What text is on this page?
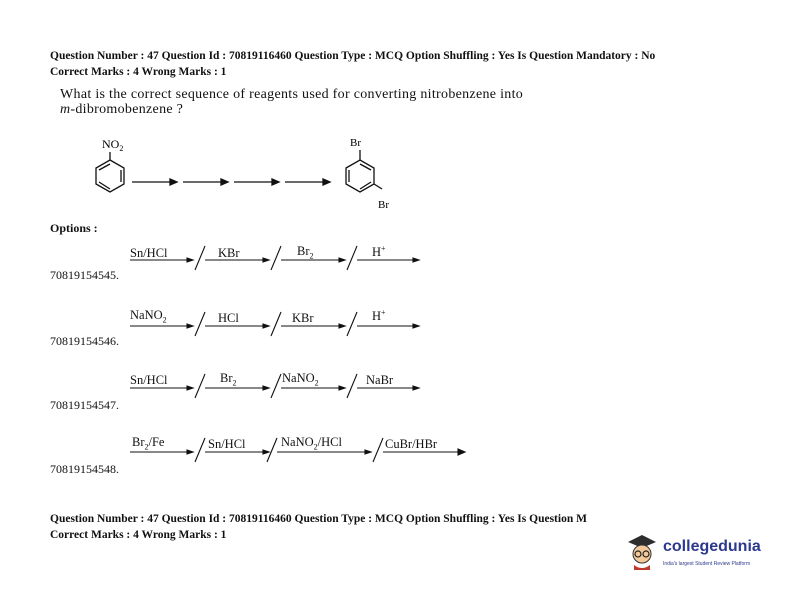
Question Number : 47 Question Id : 70819116460 Question Type : MCQ Option Shuffling : Yes Is Question Mandatory : No
Correct Marks : 4 Wrong Marks : 1
What is the correct sequence of reagents used for converting nitrobenzene into
m-dibromobenzene ?
$NO_2$	Br
Br
Options :
70819154545.
Sn/HCl	KBr	$Br_2$	H+
70819154546.
NaNO$_2$	HCl	KBr	H+
70819154547.
Sn/HCl	$Br_2$	NaNO$_2$	NaBr
70819154548.
$Br_2/Fe$	Sn/HCl	NaNO$_2$/HCl	CuBr/HBr
Question Number : 47 Question Id : 70819116460 Question Type : MCQ Option Shuffling : Yes Is Question M
Correct Marks : 4 Wrong Marks : 1
collegedunia
India's largest Student Review Platform
